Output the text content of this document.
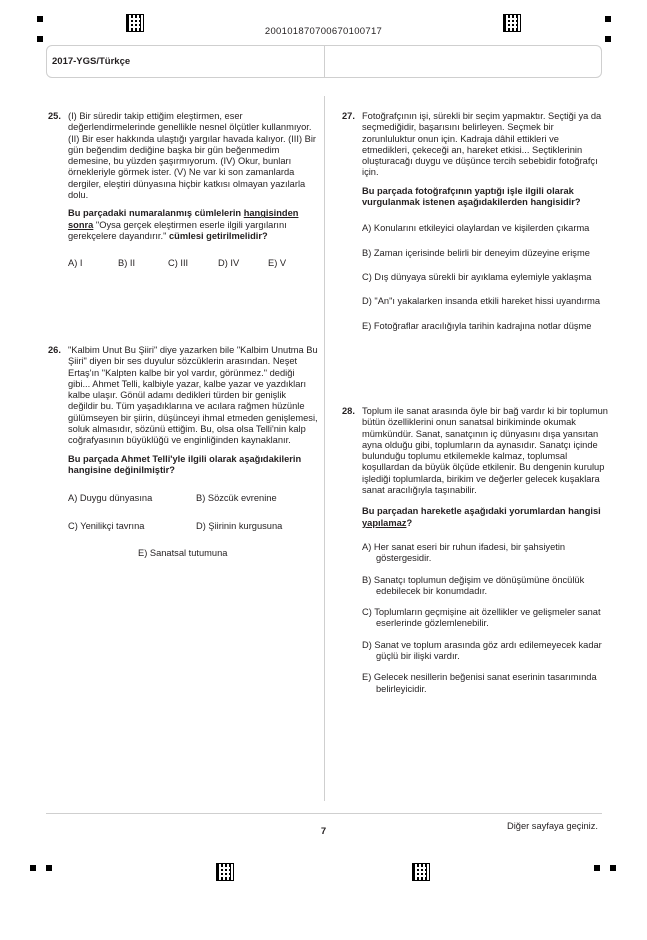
200101870700670100717
2017-YGS/Türkçe
25. (I) Bir süredir takip ettiğim eleştirmen, eser değerlendirmelerinde genellikle nesnel ölçütler kullanmıyor. (II) Bir eser hakkında ulaştığı yargılar havada kalıyor. (III) Bir gün beğendim dediğine başka bir gün beğenmedim demesine, bu yüzden şaşırmıyorum. (IV) Okur, bunları örnekleriyle görmek ister. (V) Ne var ki son zamanlarda dergiler, eleştiri dünyasına hiçbir katkısı olmayan yazılarla dolu.

Bu parçadaki numaralanmış cümlelerin hangisinden sonra "Oysa gerçek eleştirmen eserle ilgili yargılarını gerekçelere dayandırır." cümlesi getirilmelidir?

A) I	B) II	C) III	D) IV	E) V
26. "Kalbim Unut Bu Şiiri" diye yazarken bile "Kalbim Unutma Bu Şiiri" diyen bir ses duyulur sözcüklerin arasından. Neşet Ertaş'ın "Kalpten kalbe bir yol vardır, görünmez." dediği gibi... Ahmet Telli, kalbiyle yazar, kalbe yazar ve yazdıkları kalbe ulaşır. Gönül adamı dedikleri türden bir genişlik değildir bu. Tüm yaşadıklarına ve acılara rağmen hüzünle gülümseyen bir şiirin, düşünceyi ihmal etmeden genişlemesi, soluk almasıdır, sözünü ettiğim. Bu, olsa olsa Telli'nin kalp coğrafyasının büyüklüğü ve enginliğinden kaynaklanır.

Bu parçada Ahmet Telli'yle ilgili olarak aşağıdakilerin hangisine değinilmiştir?

A) Duygu dünyasına	B) Sözcük evrenine
C) Yenilikçi tavrına	D) Şiirinin kurgusuna
E) Sanatsal tutumuna
27. Fotoğrafçının işi, sürekli bir seçim yapmaktır. Seçtiği ya da seçmediğidir, başarısını belirleyen. Seçmek bir zorunluluktur onun için. Kadraja dâhil ettikleri ve etmedikleri, çekeceği an, hareket etkisi... Seçtiklerinin oluşturacağı duygu ve düşünce tercih sebebidir fotoğrafçı için.

Bu parçada fotoğrafçının yaptığı işle ilgili olarak vurgulanmak istenen aşağıdakilerden hangisidir?

A) Konularını etkileyici olaylardan ve kişilerden çıkarma
B) Zaman içerisinde belirli bir deneyim düzeyine erişme
C) Dış dünyaya sürekli bir ayıklama eylemiyle yaklaşma
D) "An"ı yakalarken insanda etkili hareket hissi uyandırma
E) Fotoğraflar aracılığıyla tarihin kadrajına notlar düşme
28. Toplum ile sanat arasında öyle bir bağ vardır ki bir toplumun bütün özelliklerini onun sanatsal birikiminde okumak mümkündür. Sanat, sanatçının iç dünyasını dışa yansıtan ayna olduğu gibi, toplumların da aynasıdır. Sanatçı içinde bulunduğu toplumu etkilemekle kalmaz, toplumsal koşullardan da büyük ölçüde etkilenir. Bu dengenin kurulup işlediği toplumlarda, birikim ve değerler gelecek kuşaklara sanat aracılığıyla taşınabilir.

Bu parçadan hareketle aşağıdaki yorumlardan hangisi yapılamaz?

A) Her sanat eseri bir ruhun ifadesi, bir şahsiyetin göstergesidir.
B) Sanatçı toplumun değişim ve dönüşümüne öncülük edebilecek bir konumdadır.
C) Toplumların geçmişine ait özellikler ve gelişmeler sanat eserlerinde gözlemlenebilir.
D) Sanat ve toplum arasında göz ardı edilemeyecek kadar güçlü bir ilişki vardır.
E) Gelecek nesillerin beğenisi sanat eserinin tasarımında belirleyicidir.
Diğer sayfaya geçiniz.
7
